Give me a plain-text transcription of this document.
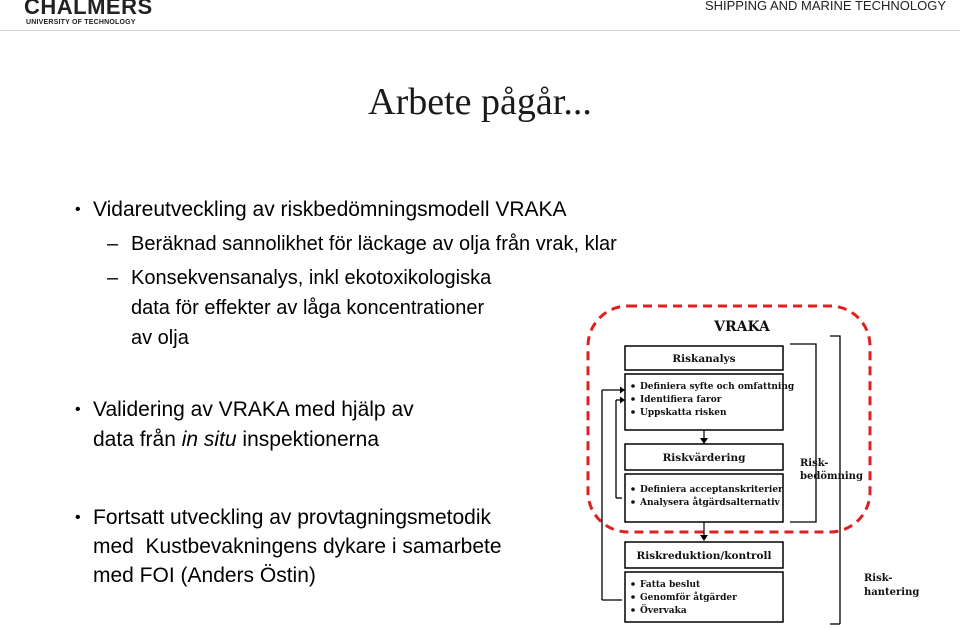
CHALMERS
UNIVERSITY OF TECHNOLOGY
SHIPPING AND MARINE TECHNOLOGY
Arbete pågår...
• Vidareutveckling av riskbedömningsmodell VRAKA
– Beräknad sannolikhet för läckage av olja från vrak, klar
– Konsekvensanalys, inkl ekotoxikologiska
data för effekter av låga koncentrationer
av olja
• Validering av VRAKA med hjälp av
data från in situ inspektionerna
• Fortsatt utveckling av provtagningsmetodik
med  Kustbevakningens dykare i samarbete
med FOI (Anders Östin)
VRAKA
Riskanalys
Definiera syfte och omfattning
Identifiera faror
Uppskatta risken
Riskvärdering
Definiera acceptanskriterier
Analysera åtgärdsalternativ
Riskreduktion/kontroll
Fatta beslut
Genomför åtgärder
Övervaka
Risk-
bedömning
Risk-
hantering
